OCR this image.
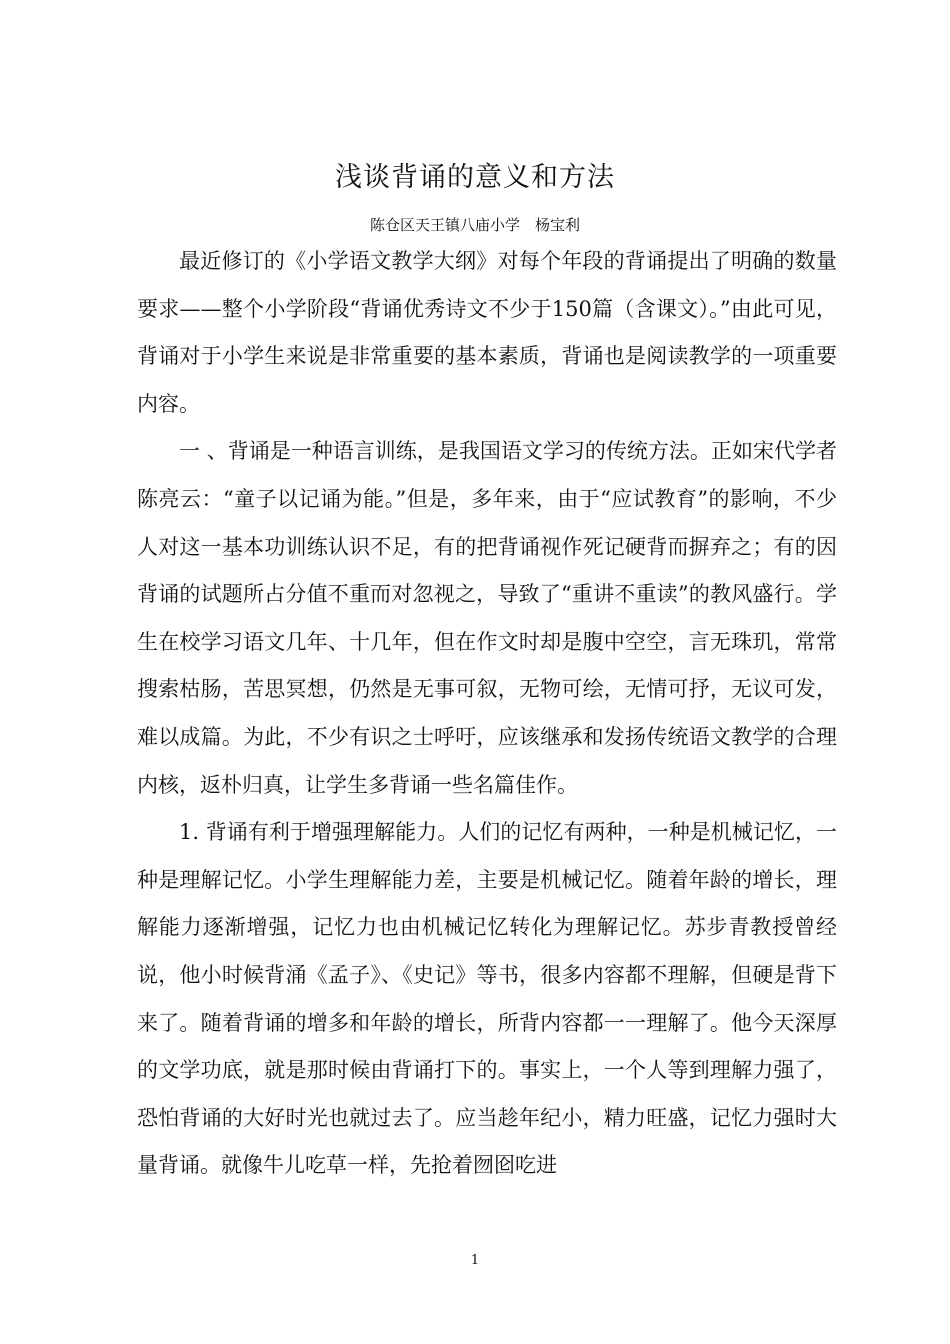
浅谈背诵的意义和方法
陈仓区天王镇八庙小学　杨宝利

最近修订的《小学语文教学大纲》对每个年段的背诵提出了明确的数量要求——整个小学阶段“背诵优秀诗文不少于150篇（含课文）。”由此可见，背诵对于小学生来说是非常重要的基本素质，背诵也是阅读教学的一项重要内容。

一 、背诵是一种语言训练，是我国语文学习的传统方法。正如宋代学者陈亮云：“童子以记诵为能。”但是，多年来，由于“应试教育”的影响，不少人对这一基本功训练认识不足，有的把背诵视作死记硬背而摒弃之；有的因背诵的试题所占分值不重而对忽视之，导致了“重讲不重读”的教风盛行。学生在校学习语文几年、十几年，但在作文时却是腹中空空，言无珠玑，常常搜索枯肠，苦思冥想，仍然是无事可叙，无物可绘，无情可抒，无议可发，难以成篇。为此，不少有识之士呼吁，应该继承和发扬传统语文教学的合理内核，返朴归真，让学生多背诵一些名篇佳作。

1. 背诵有利于增强理解能力。人们的记忆有两种，一种是机械记忆，一种是理解记忆。小学生理解能力差，主要是机械记忆。随着年龄的增长，理解能力逐渐增强，记忆力也由机械记忆转化为理解记忆。苏步青教授曾经说，他小时候背涌《孟子》、《史记》等书，很多内容都不理解，但硬是背下来了。随着背诵的增多和年龄的增长，所背内容都一一理解了。他今天深厚的文学功底，就是那时候由背诵打下的。事实上，一个人等到理解力强了，恐怕背诵的大好时光也就过去了。应当趁年纪小，精力旺盛，记忆力强时大量背诵。就像牛儿吃草一样，先抢着囫囵吃进

1
